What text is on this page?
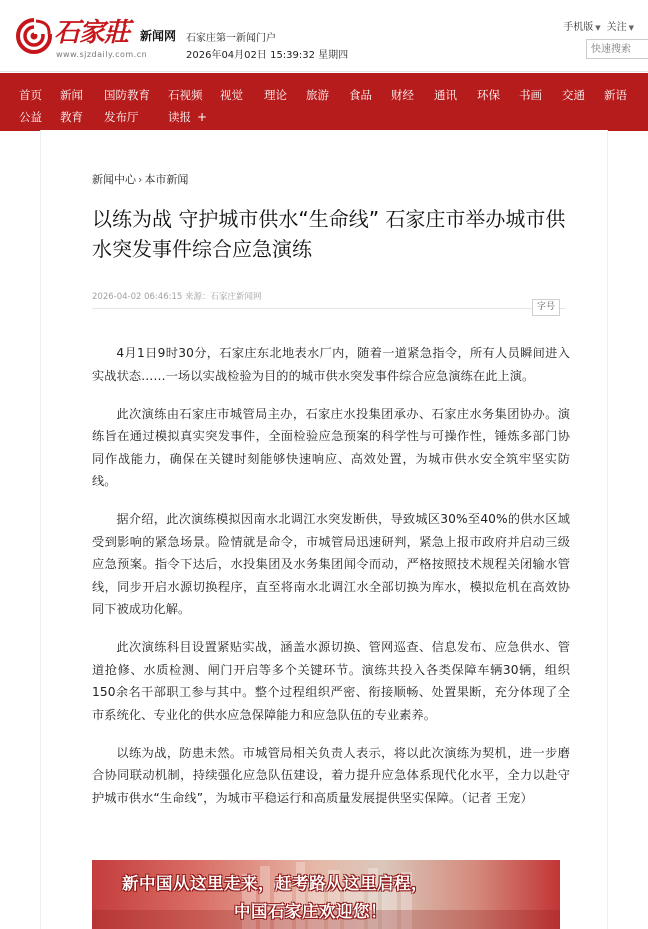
石家莊 新闻网
www.sjzdaily.com.cn
石家庄第一新闻门户
2026年04月02日 15:39:32 星期四
手机版 ▼ 关注 ▼
快速搜索
首页 新闻 国防教育 石视频 视觉 理论 旅游 食品 财经 通讯 环保 书画 交通 新语
公益 教育 发布厅	读报 +
新闻中心 › 本市新闻
以练为战 守护城市供水“生命线” 石家庄市举办城市供水突发事件综合应急演练
2026-04-02 06:46:15 来源：石家庄新闻网
字号

4月1日9时30分，石家庄东北地表水厂内，随着一道紧急指令，所有人员瞬间进入实战状态……一场以实战检验为目的的城市供水突发事件综合应急演练在此上演。

此次演练由石家庄市城管局主办，石家庄水投集团承办、石家庄水务集团协办。演练旨在通过模拟真实突发事件，全面检验应急预案的科学性与可操作性，锤炼多部门协同作战能力，确保在关键时刻能够快速响应、高效处置，为城市供水安全筑牢坚实防线。

据介绍，此次演练模拟因南水北调江水突发断供，导致城区30%至40%的供水区域受到影响的紧急场景。险情就是命令，市城管局迅速研判，紧急上报市政府并启动三级应急预案。指令下达后，水投集团及水务集团闻令而动，严格按照技术规程关闭输水管线，同步开启水源切换程序，直至将南水北调江水全部切换为库水，模拟危机在高效协同下被成功化解。

此次演练科目设置紧贴实战，涵盖水源切换、管网巡查、信息发布、应急供水、管道抢修、水质检测、闸门开启等多个关键环节。演练共投入各类保障车辆30辆，组织150余名干部职工参与其中。整个过程组织严密、衔接顺畅、处置果断，充分体现了全市系统化、专业化的供水应急保障能力和应急队伍的专业素养。

以练为战，防患未然。市城管局相关负责人表示，将以此次演练为契机，进一步磨合协同联动机制，持续强化应急队伍建设，着力提升应急体系现代化水平，全力以赴守护城市供水“生命线”，为城市平稳运行和高质量发展提供坚实保障。（记者 王宠）

新中国从这里走来，赶考路从这里启程，
中国石家庄欢迎您！
